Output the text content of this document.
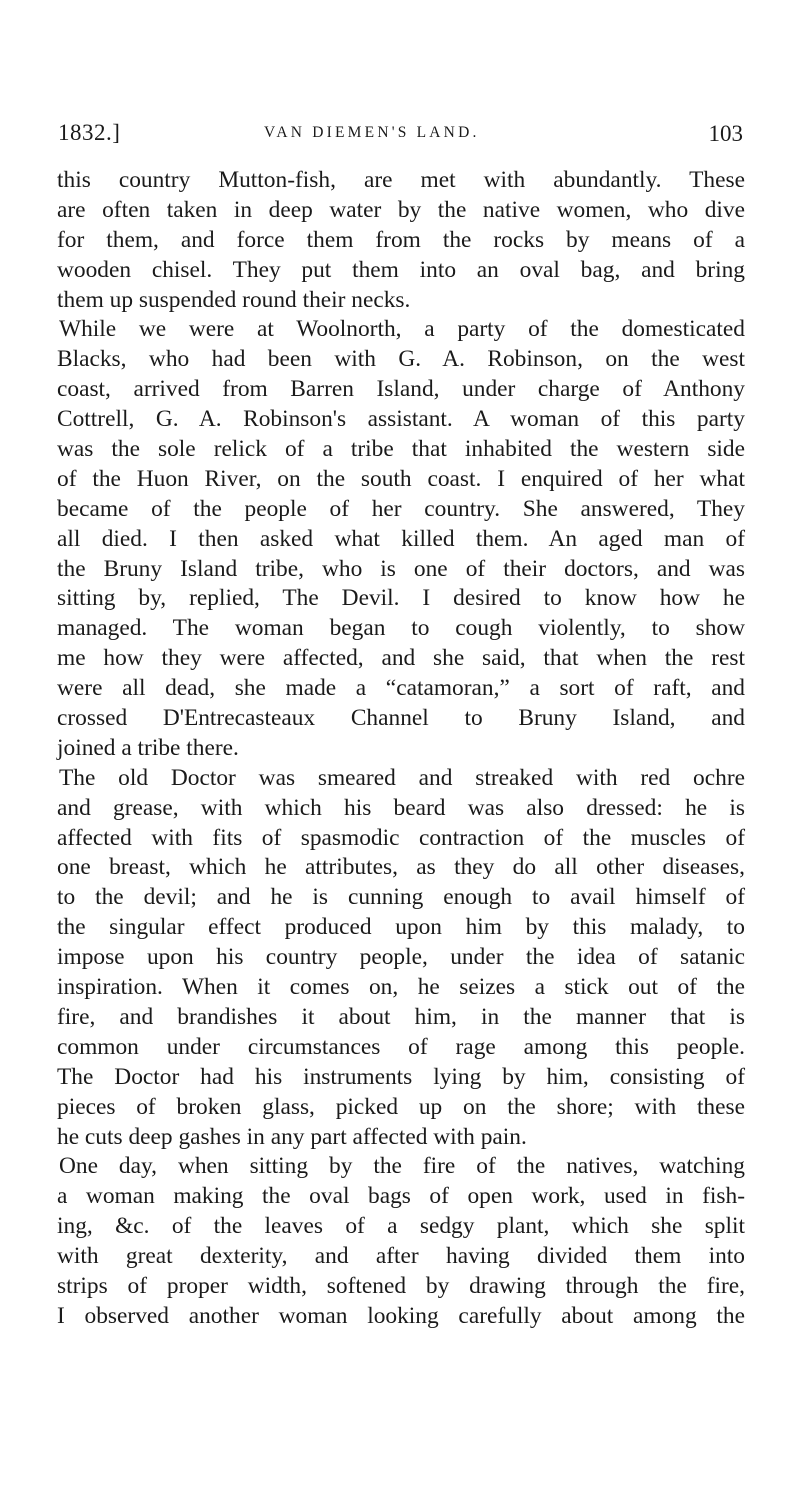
1832.]	VAN DIEMEN'S LAND.	103

this country Mutton-fish, are met with abundantly. These
are often taken in deep water by the native women, who dive
for them, and force them from the rocks by means of a
wooden chisel. They put them into an oval bag, and bring
them up suspended round their necks.

While we were at Woolnorth, a party of the domesticated
Blacks, who had been with G. A. Robinson, on the west
coast, arrived from Barren Island, under charge of Anthony
Cottrell, G. A. Robinson's assistant. A woman of this party
was the sole relick of a tribe that inhabited the western side
of the Huon River, on the south coast. I enquired of her what
became of the people of her country. She answered, They
all died. I then asked what killed them. An aged man of
the Bruny Island tribe, who is one of their doctors, and was
sitting by, replied, The Devil. I desired to know how he
managed. The woman began to cough violently, to show
me how they were affected, and she said, that when the rest
were all dead, she made a “catamoran,” a sort of raft, and
crossed D'Entrecasteaux Channel to Bruny Island, and
joined a tribe there.

The old Doctor was smeared and streaked with red ochre
and grease, with which his beard was also dressed: he is
affected with fits of spasmodic contraction of the muscles of
one breast, which he attributes, as they do all other diseases,
to the devil; and he is cunning enough to avail himself of
the singular effect produced upon him by this malady, to
impose upon his country people, under the idea of satanic
inspiration. When it comes on, he seizes a stick out of the
fire, and brandishes it about him, in the manner that is
common under circumstances of rage among this people.
The Doctor had his instruments lying by him, consisting of
pieces of broken glass, picked up on the shore; with these
he cuts deep gashes in any part affected with pain.

One day, when sitting by the fire of the natives, watching
a woman making the oval bags of open work, used in fish-
ing, &c. of the leaves of a sedgy plant, which she split
with great dexterity, and after having divided them into
strips of proper width, softened by drawing through the fire,
I observed another woman looking carefully about among the
